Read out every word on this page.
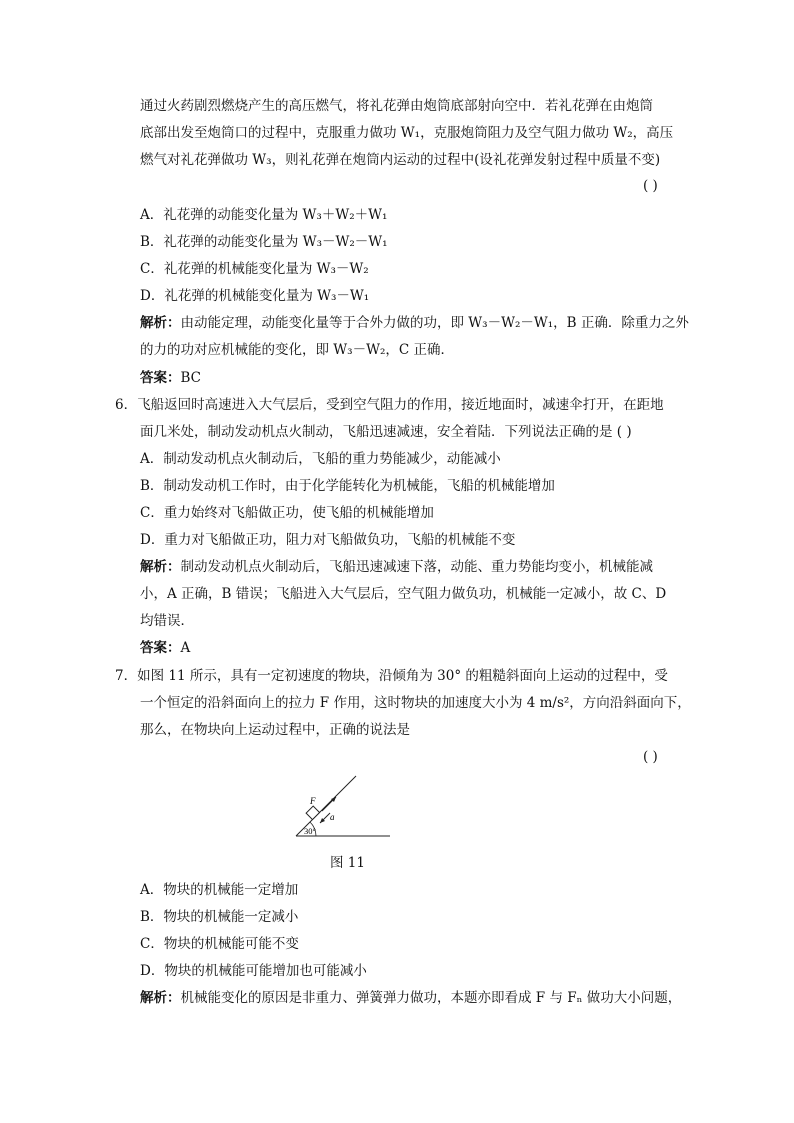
通过火药剧烈燃烧产生的高压燃气，将礼花弹由炮筒底部射向空中．若礼花弹在由炮筒
底部出发至炮筒口的过程中，克服重力做功 W₁，克服炮筒阻力及空气阻力做功 W₂，高压
燃气对礼花弹做功 W₃，则礼花弹在炮筒内运动的过程中(设礼花弹发射过程中质量不变)
( )
A．礼花弹的动能变化量为 W₃＋W₂＋W₁
B．礼花弹的动能变化量为 W₃－W₂－W₁
C．礼花弹的机械能变化量为 W₃－W₂
D．礼花弹的机械能变化量为 W₃－W₁
解析：由动能定理，动能变化量等于合外力做的功，即 W₃－W₂－W₁，B 正确．除重力之外
的力的功对应机械能的变化，即 W₃－W₂，C 正确．
答案：BC
6．飞船返回时高速进入大气层后，受到空气阻力的作用，接近地面时，减速伞打开，在距地
面几米处，制动发动机点火制动，飞船迅速减速，安全着陆．下列说法正确的是 ( )
A．制动发动机点火制动后，飞船的重力势能减少，动能减小
B．制动发动机工作时，由于化学能转化为机械能，飞船的机械能增加
C．重力始终对飞船做正功，使飞船的机械能增加
D．重力对飞船做正功，阻力对飞船做负功，飞船的机械能不变
解析：制动发动机点火制动后，飞船迅速减速下落，动能、重力势能均变小，机械能减
小，A 正确，B 错误；飞船进入大气层后，空气阻力做负功，机械能一定减小，故 C、D
均错误．
答案：A
7．如图 11 所示，具有一定初速度的物块，沿倾角为 30° 的粗糙斜面向上运动的过程中，受
一个恒定的沿斜面向上的拉力 F 作用，这时物块的加速度大小为 4 m/s²，方向沿斜面向下，
那么，在物块向上运动过程中，正确的说法是
( )
F
a
30°
图 11
A．物块的机械能一定增加
B．物块的机械能一定减小
C．物块的机械能可能不变
D．物块的机械能可能增加也可能减小
解析：机械能变化的原因是非重力、弹簧弹力做功，本题亦即看成 F 与 Fₙ 做功大小问题，
